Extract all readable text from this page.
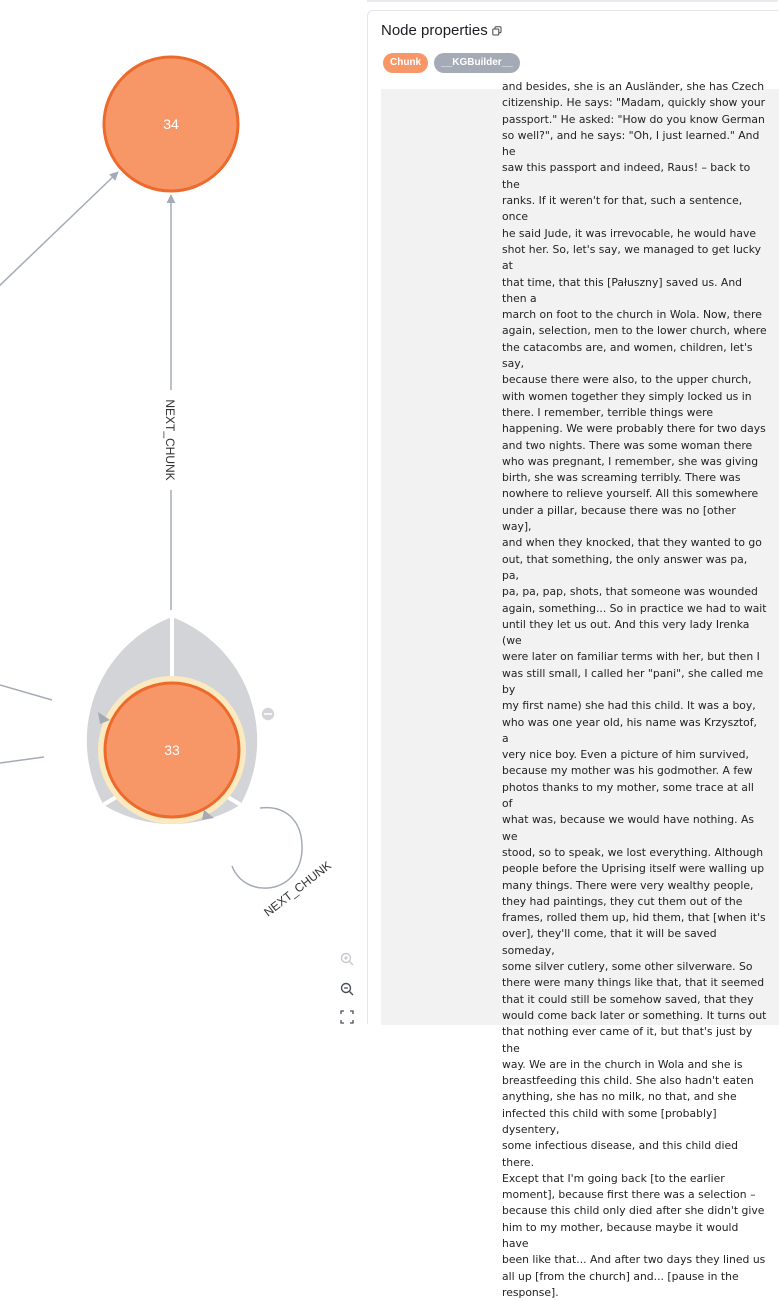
NEXT_CHUNK
34
NEXT_CHUNK
33
Node properties
Chunk	__KGBuilder__

and besides, she is an Ausländer, she has Czech

citizenship. He says: "Madam, quickly show your

passport." He asked: "How do you know German

so well?", and he says: "Oh, I just learned." And he

saw this passport and indeed, Raus! – back to the

ranks. If it weren't for that, such a sentence, once

he said Jude, it was irrevocable, he would have

shot her. So, let's say, we managed to get lucky at

that time, that this [Pałuszny] saved us. And then a

march on foot to the church in Wola. Now, there

again, selection, men to the lower church, where

the catacombs are, and women, children, let's say,

because there were also, to the upper church,

with women together they simply locked us in

there. I remember, terrible things were

happening. We were probably there for two days

and two nights. There was some woman there

who was pregnant, I remember, she was giving

birth, she was screaming terribly. There was

nowhere to relieve yourself. All this somewhere

under a pillar, because there was no [other way],

and when they knocked, that they wanted to go

out, that something, the only answer was pa, pa,

pa, pa, pap, shots, that someone was wounded

again, something... So in practice we had to wait

until they let us out. And this very lady Irenka (we

were later on familiar terms with her, but then I

was still small, I called her "pani", she called me by

my first name) she had this child. It was a boy,

who was one year old, his name was Krzysztof, a

very nice boy. Even a picture of him survived,

because my mother was his godmother. A few

photos thanks to my mother, some trace at all of

what was, because we would have nothing. As we

stood, so to speak, we lost everything. Although

people before the Uprising itself were walling up

many things. There were very wealthy people,

they had paintings, they cut them out of the

frames, rolled them up, hid them, that [when it's

over], they'll come, that it will be saved someday,

some silver cutlery, some other silverware. So

there were many things like that, that it seemed

that it could still be somehow saved, that they

would come back later or something. It turns out

that nothing ever came of it, but that's just by the

way. We are in the church in Wola and she is

breastfeeding this child. She also hadn't eaten

anything, she has no milk, no that, and she

infected this child with some [probably] dysentery,

some infectious disease, and this child died there.

Except that I'm going back [to the earlier

moment], because first there was a selection –

because this child only died after she didn't give

him to my mother, because maybe it would have

been like that... And after two days they lined us

all up [from the church] and... [pause in the

response].
